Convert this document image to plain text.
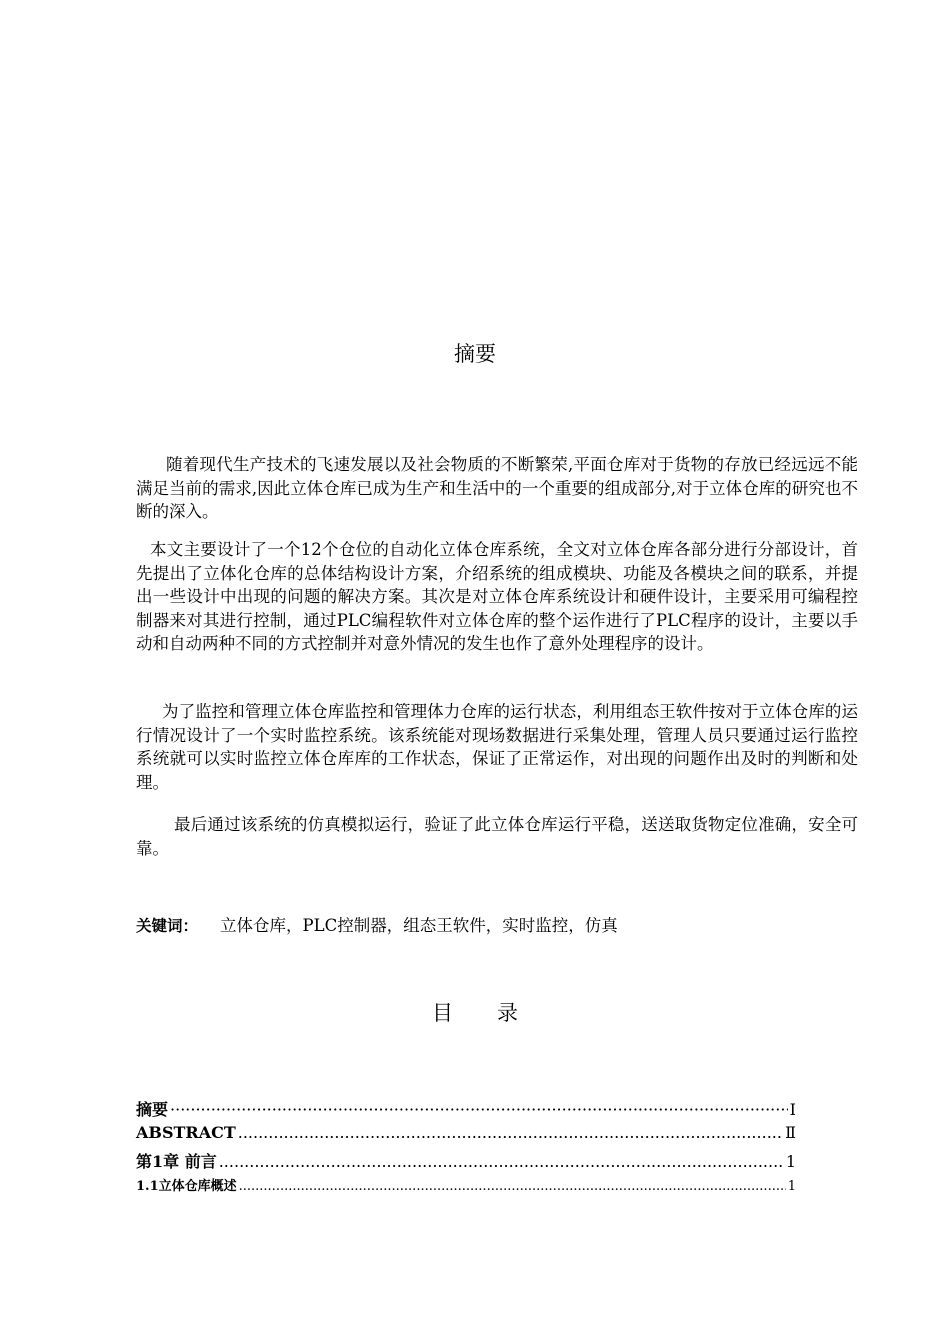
摘要

随着现代生产技术的飞速发展以及社会物质的不断繁荣,平面仓库对于货物的存放已经远远不能满足当前的需求,因此立体仓库已成为生产和生活中的一个重要的组成部分,对于立体仓库的研究也不断的深入。

本文主要设计了一个12个仓位的自动化立体仓库系统，全文对立体仓库各部分进行分部设计，首先提出了立体化仓库的总体结构设计方案，介绍系统的组成模块、功能及各模块之间的联系，并提出一些设计中出现的问题的解决方案。其次是对立体仓库系统设计和硬件设计，主要采用可编程控制器来对其进行控制，通过PLC编程软件对立体仓库的整个运作进行了PLC程序的设计，主要以手动和自动两种不同的方式控制并对意外情况的发生也作了意外处理程序的设计。

为了监控和管理立体仓库监控和管理体力仓库的运行状态，利用组态王软件按对于立体仓库的运行情况设计了一个实时监控系统。该系统能对现场数据进行采集处理，管理人员只要通过运行监控系统就可以实时监控立体仓库库的工作状态，保证了正常运作，对出现的问题作出及时的判断和处理。

最后通过该系统的仿真模拟运行，验证了此立体仓库运行平稳，送送取货物定位准确，安全可靠。

关键词： 立体仓库，PLC控制器，组态王软件，实时监控，仿真
目录
摘要 ·····	Ⅰ
ABSTRACT .....	Ⅱ
第1章 前言 .....	1
1.1立体仓库概述 .....	1
